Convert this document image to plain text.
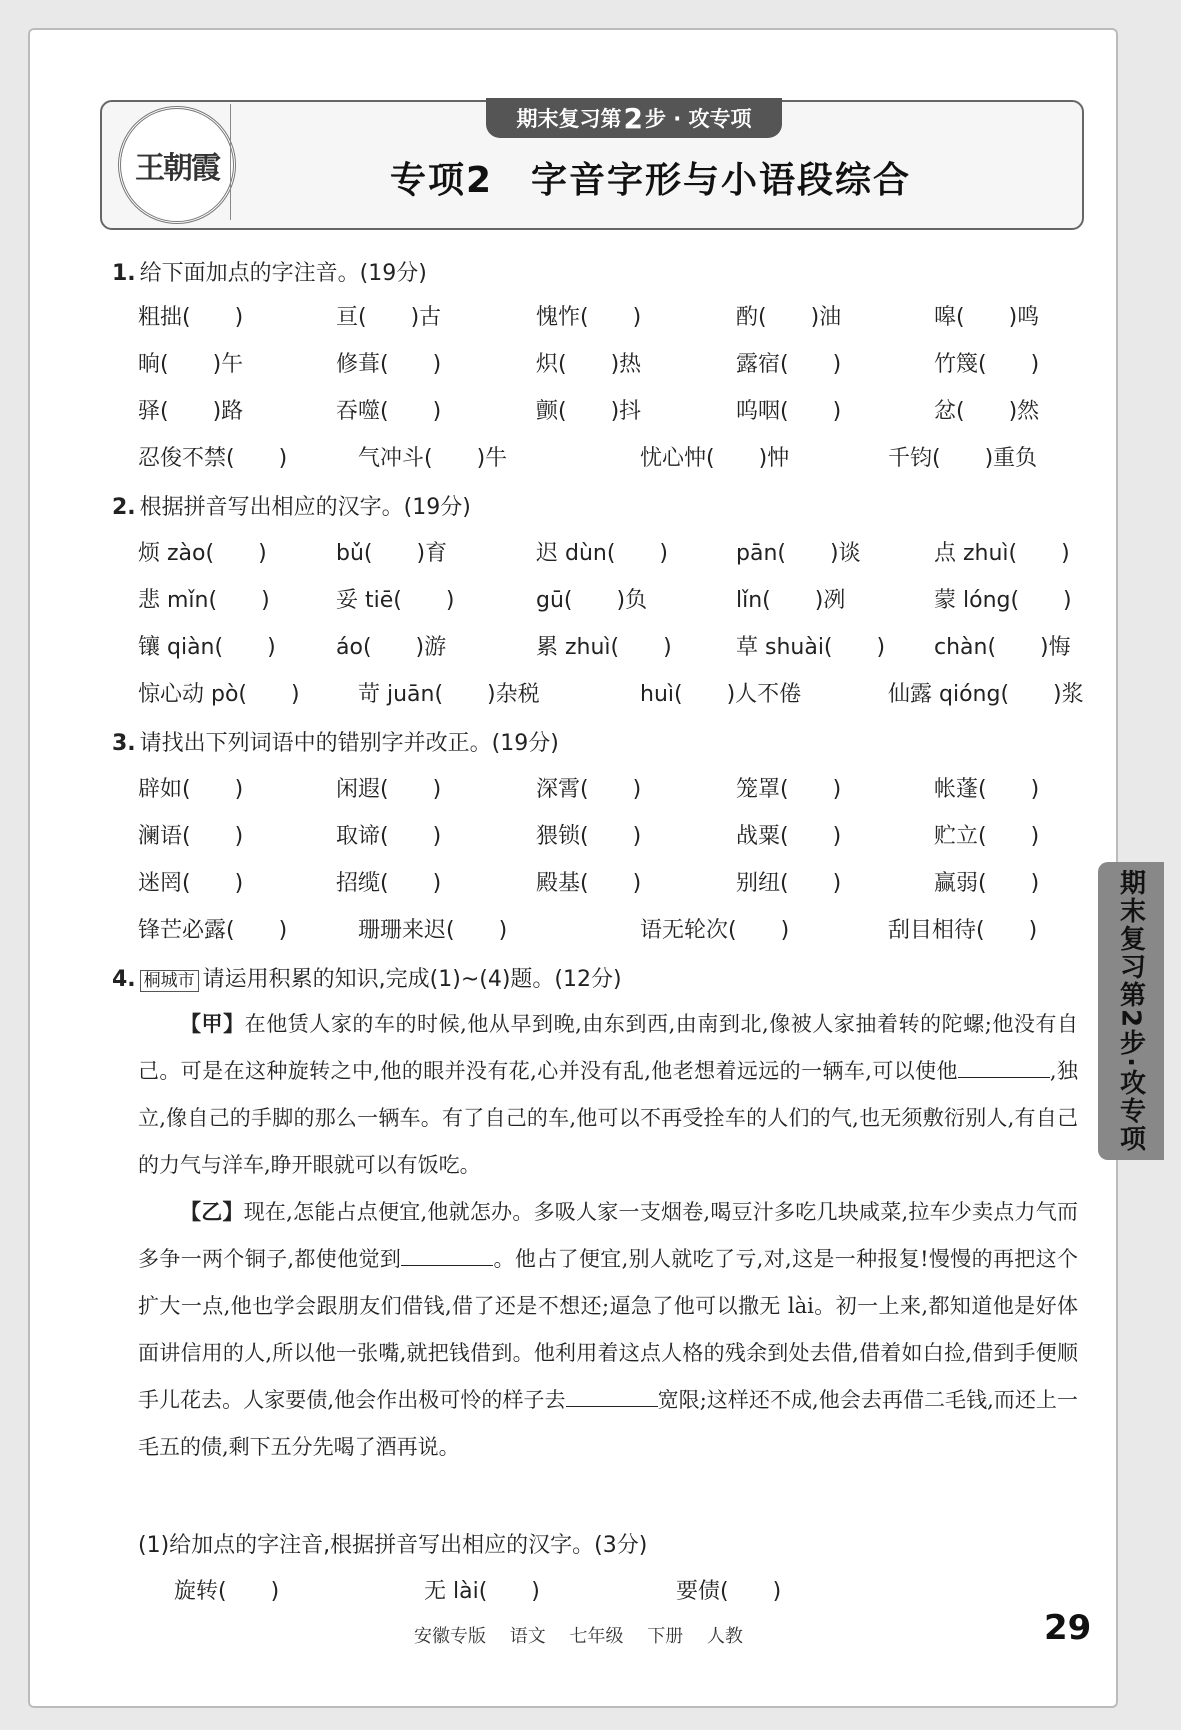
王朝霞
期末复习第 2 步 · 攻专项
专项2　字音字形与小语段综合
期末复习第2步·攻专项
1. 给下面加点的字注音。(19分)
粗拙(　　)	亘(　　)古	愧怍(　　)	酌(　　)油	嗥(　　)鸣
晌(　　)午	修葺(　　)	炽(　　)热	露宿(　　)	竹篾(　　)
驿(　　)路	吞噬(　　)	颤(　　)抖	呜咽(　　)	忿(　　)然
忍俊不禁(　　)	气冲斗(　　)牛	忧心忡(　　)忡	千钧(　　)重负
2. 根据拼音写出相应的汉字。(19分)
烦 zào(　　)	bǔ(　　)育	迟 dùn(　　)	pān(　　)谈	点 zhuì(　　)
悲 mǐn(　　)	妥 tiē(　　)	gū(　　)负	lǐn(　　)冽	蒙 lóng(　　)
镶 qiàn(　　)	áo(　　)游	累 zhuì(　　)	草 shuài(　　) chàn(　　)悔
惊心动 pò(　　)	苛 juān(　　)杂税	huì(　　)人不倦	仙露 qióng(　　)浆
3. 请找出下列词语中的错别字并改正。(19分)
辟如(　　)	闲遐(　　)	深霄(　　)	笼罩(　　)	帐蓬(　　)
澜语(　　)	取谛(　　)	猥锁(　　)	战粟(　　)	贮立(　　)
迷罔(　　)	招缆(　　)	殿基(　　)	别纽(　　)	赢弱(　　)
锋芒必露(　　)	珊珊来迟(　　)	语无轮次(　　)	刮目相待(　　)
4. 桐城市 请运用积累的知识,完成(1)~(4)题。(12分)

【甲】在他赁人家的车的时候,他从早到晚,由东到西,由南到北,像被人家抽着转的陀螺;他没有自己。可是在这种旋转之中,他的眼并没有花,心并没有乱,他老想着远远的一辆车,可以使他	,独立,像自己的手脚的那么一辆车。有了自己的车,他可以不再受拴车的人们的气,也无须敷衍别人,有自己的力气与洋车,睁开眼就可以有饭吃。

【乙】现在,怎能占点便宜,他就怎办。多吸人家一支烟卷,喝豆汁多吃几块咸菜,拉车少卖点力气而多争一两个铜子,都使他觉到	。他占了便宜,别人就吃了亏,对,这是一种报复!慢慢的再把这个扩大一点,他也学会跟朋友们借钱,借了还是不想还;逼急了他可以撒无 lài。初一上来,都知道他是好体面讲信用的人,所以他一张嘴,就把钱借到。他利用着这点人格的残余到处去借,借着如白捡,借到手便顺手儿花去。人家要债,他会作出极可怜的样子去	宽限;这样还不成,他会去再借二毛钱,而还上一毛五的债,剩下五分先喝了酒再说。

(1)给加点的字注音,根据拼音写出相应的汉字。(3分)
旋转(　　)	无 lài(　　)	要债(　　)
安徽专版 语文 七年级 下册 人教	29
